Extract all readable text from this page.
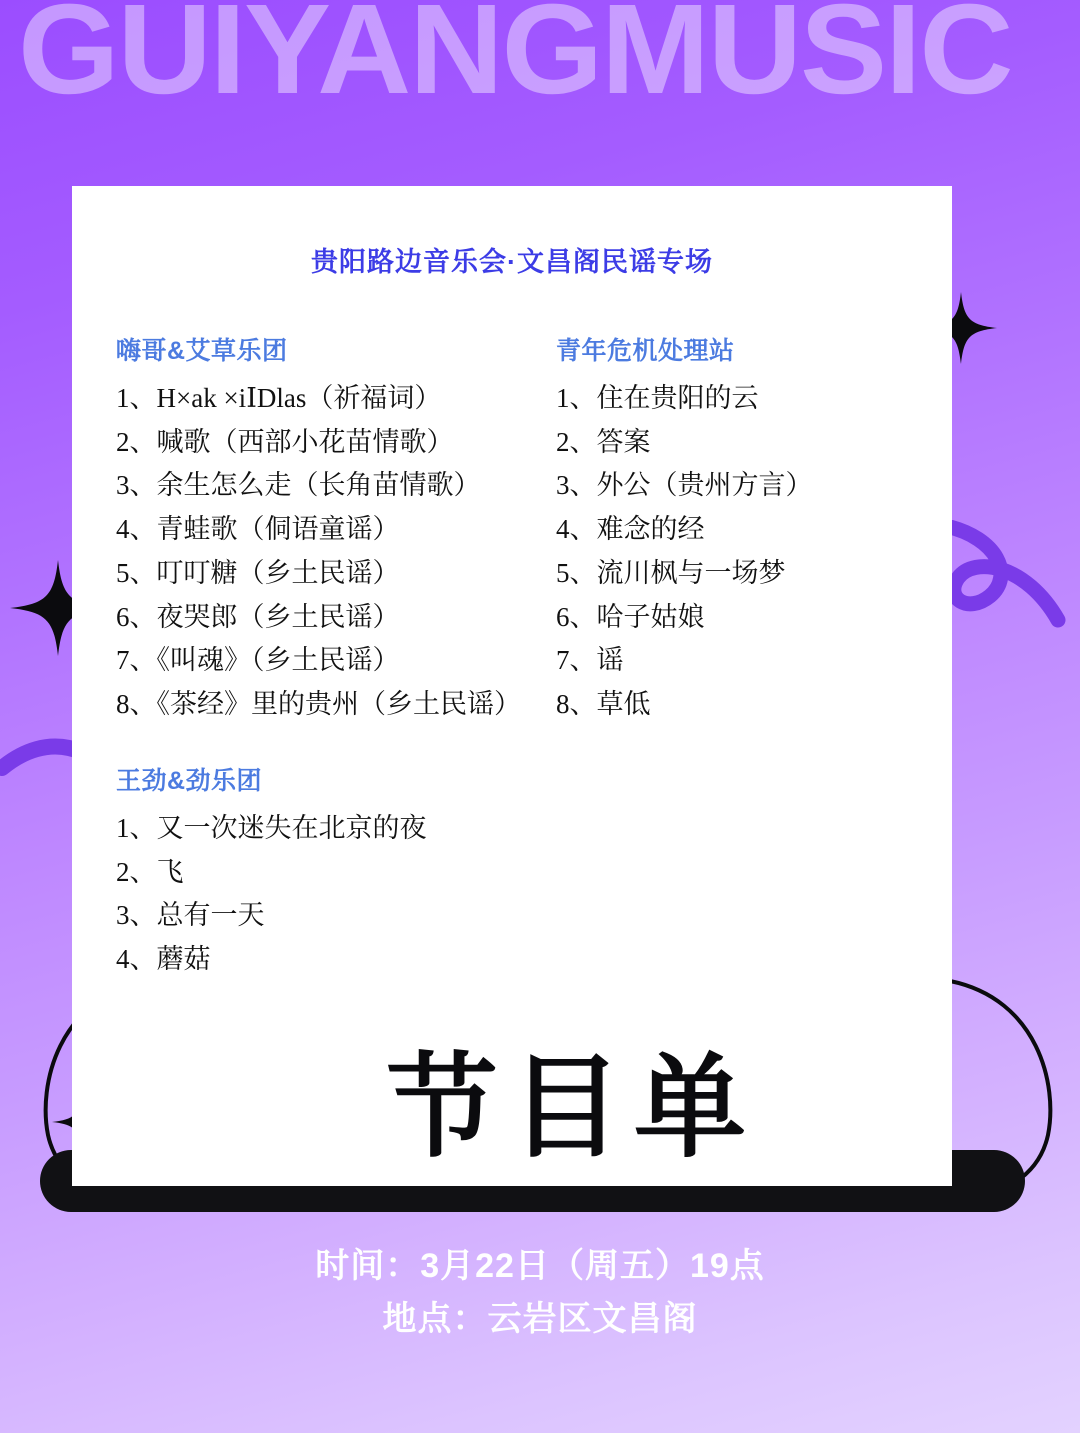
GUIYANGMUSIC
贵阳路边音乐会·文昌阁民谣专场
嗨哥&艾草乐团
1、H×ak ×iⅠDlas（祈福词）
2、喊歌（西部小花苗情歌）
3、余生怎么走（长角苗情歌）
4、青蛙歌（侗语童谣）
5、叮叮糖（乡土民谣）
6、夜哭郎（乡土民谣）
7、《叫魂》（乡土民谣）
8、《茶经》里的贵州（乡土民谣）
青年危机处理站
1、住在贵阳的云
2、答案
3、外公（贵州方言）
4、难念的经
5、流川枫与一场梦
6、哈子姑娘
7、谣
8、草低
王劲&劲乐团
1、又一次迷失在北京的夜
2、飞
3、总有一天
4、蘑菇
节目单
时间：3月22日（周五）19点
地点：云岩区文昌阁
